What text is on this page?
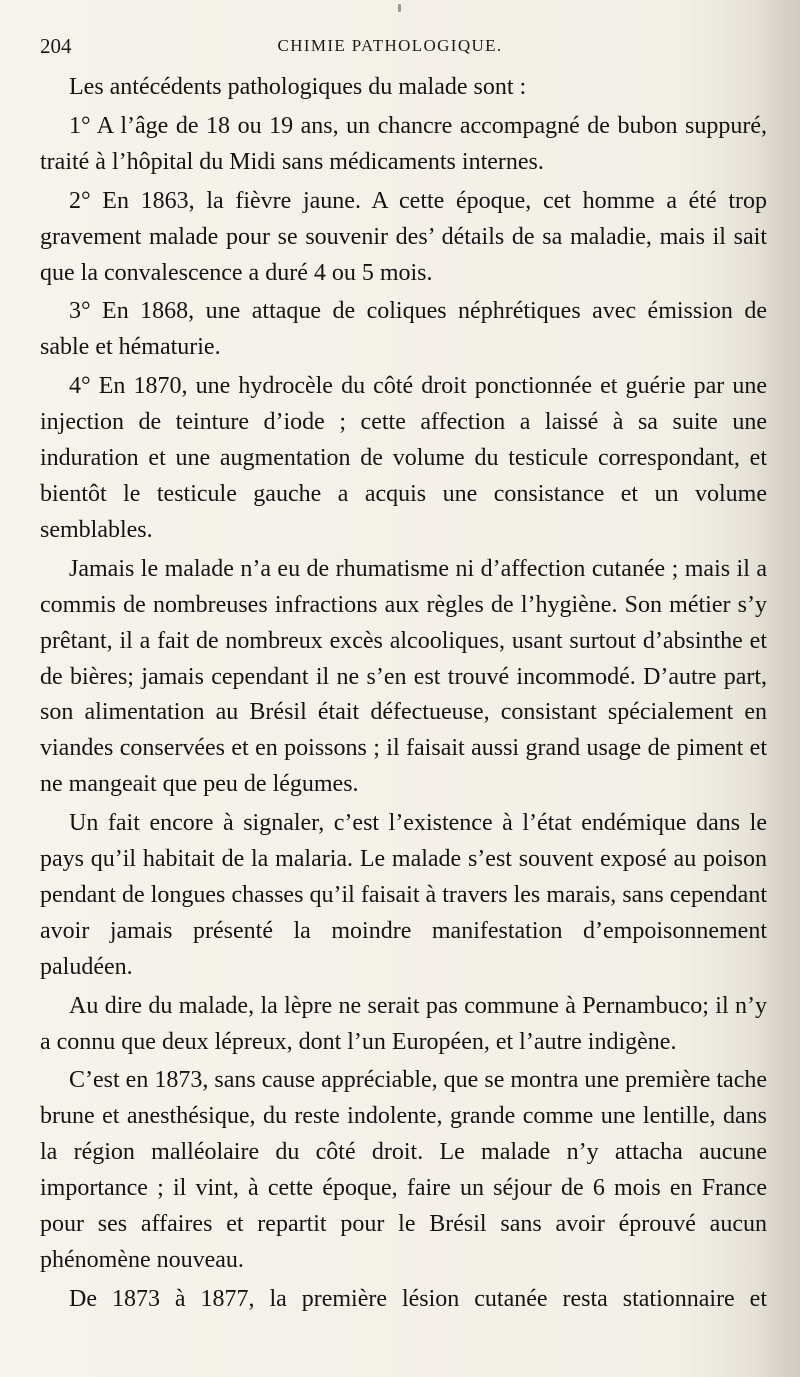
204	CHIMIE PATHOLOGIQUE.

Les antécédents pathologiques du malade sont :

1° A l’âge de 18 ou 19 ans, un chancre accompagné de bubon suppuré, traité à l’hôpital du Midi sans médicaments internes.

2° En 1863, la fièvre jaune. A cette époque, cet homme a été trop gravement malade pour se souvenir des’ détails de sa maladie, mais il sait que la convalescence a duré 4 ou 5 mois.

3° En 1868, une attaque de coliques néphrétiques avec émission de sable et hématurie.

4° En 1870, une hydrocèle du côté droit ponctionnée et guérie par une injection de teinture d’iode ; cette affection a laissé à sa suite une induration et une augmentation de volume du testicule correspondant, et bientôt le testicule gauche a acquis une consistance et un volume semblables.

Jamais le malade n’a eu de rhumatisme ni d’affection cutanée ; mais il a commis de nombreuses infractions aux règles de l’hygiène. Son métier s’y prêtant, il a fait de nombreux excès alcooliques, usant surtout d’absinthe et de bières; jamais cependant il ne s’en est trouvé incommodé. D’autre part, son alimentation au Brésil était défectueuse, consistant spécialement en viandes conservées et en poissons ; il faisait aussi grand usage de piment et ne mangeait que peu de légumes.

Un fait encore à signaler, c’est l’existence à l’état endémique dans le pays qu’il habitait de la malaria. Le malade s’est souvent exposé au poison pendant de longues chasses qu’il faisait à travers les marais, sans cependant avoir jamais présenté la moindre manifestation d’empoisonnement paludéen.

Au dire du malade, la lèpre ne serait pas commune à Pernambuco; il n’y a connu que deux lépreux, dont l’un Européen, et l’autre indigène.

C’est en 1873, sans cause appréciable, que se montra une première tache brune et anesthésique, du reste indolente, grande comme une lentille, dans la région malléolaire du côté droit. Le malade n’y attacha aucune importance ; il vint, à cette époque, faire un séjour de 6 mois en France pour ses affaires et repartit pour le Brésil sans avoir éprouvé aucun phénomène nouveau.

De 1873 à 1877, la première lésion cutanée resta stationnaire et
